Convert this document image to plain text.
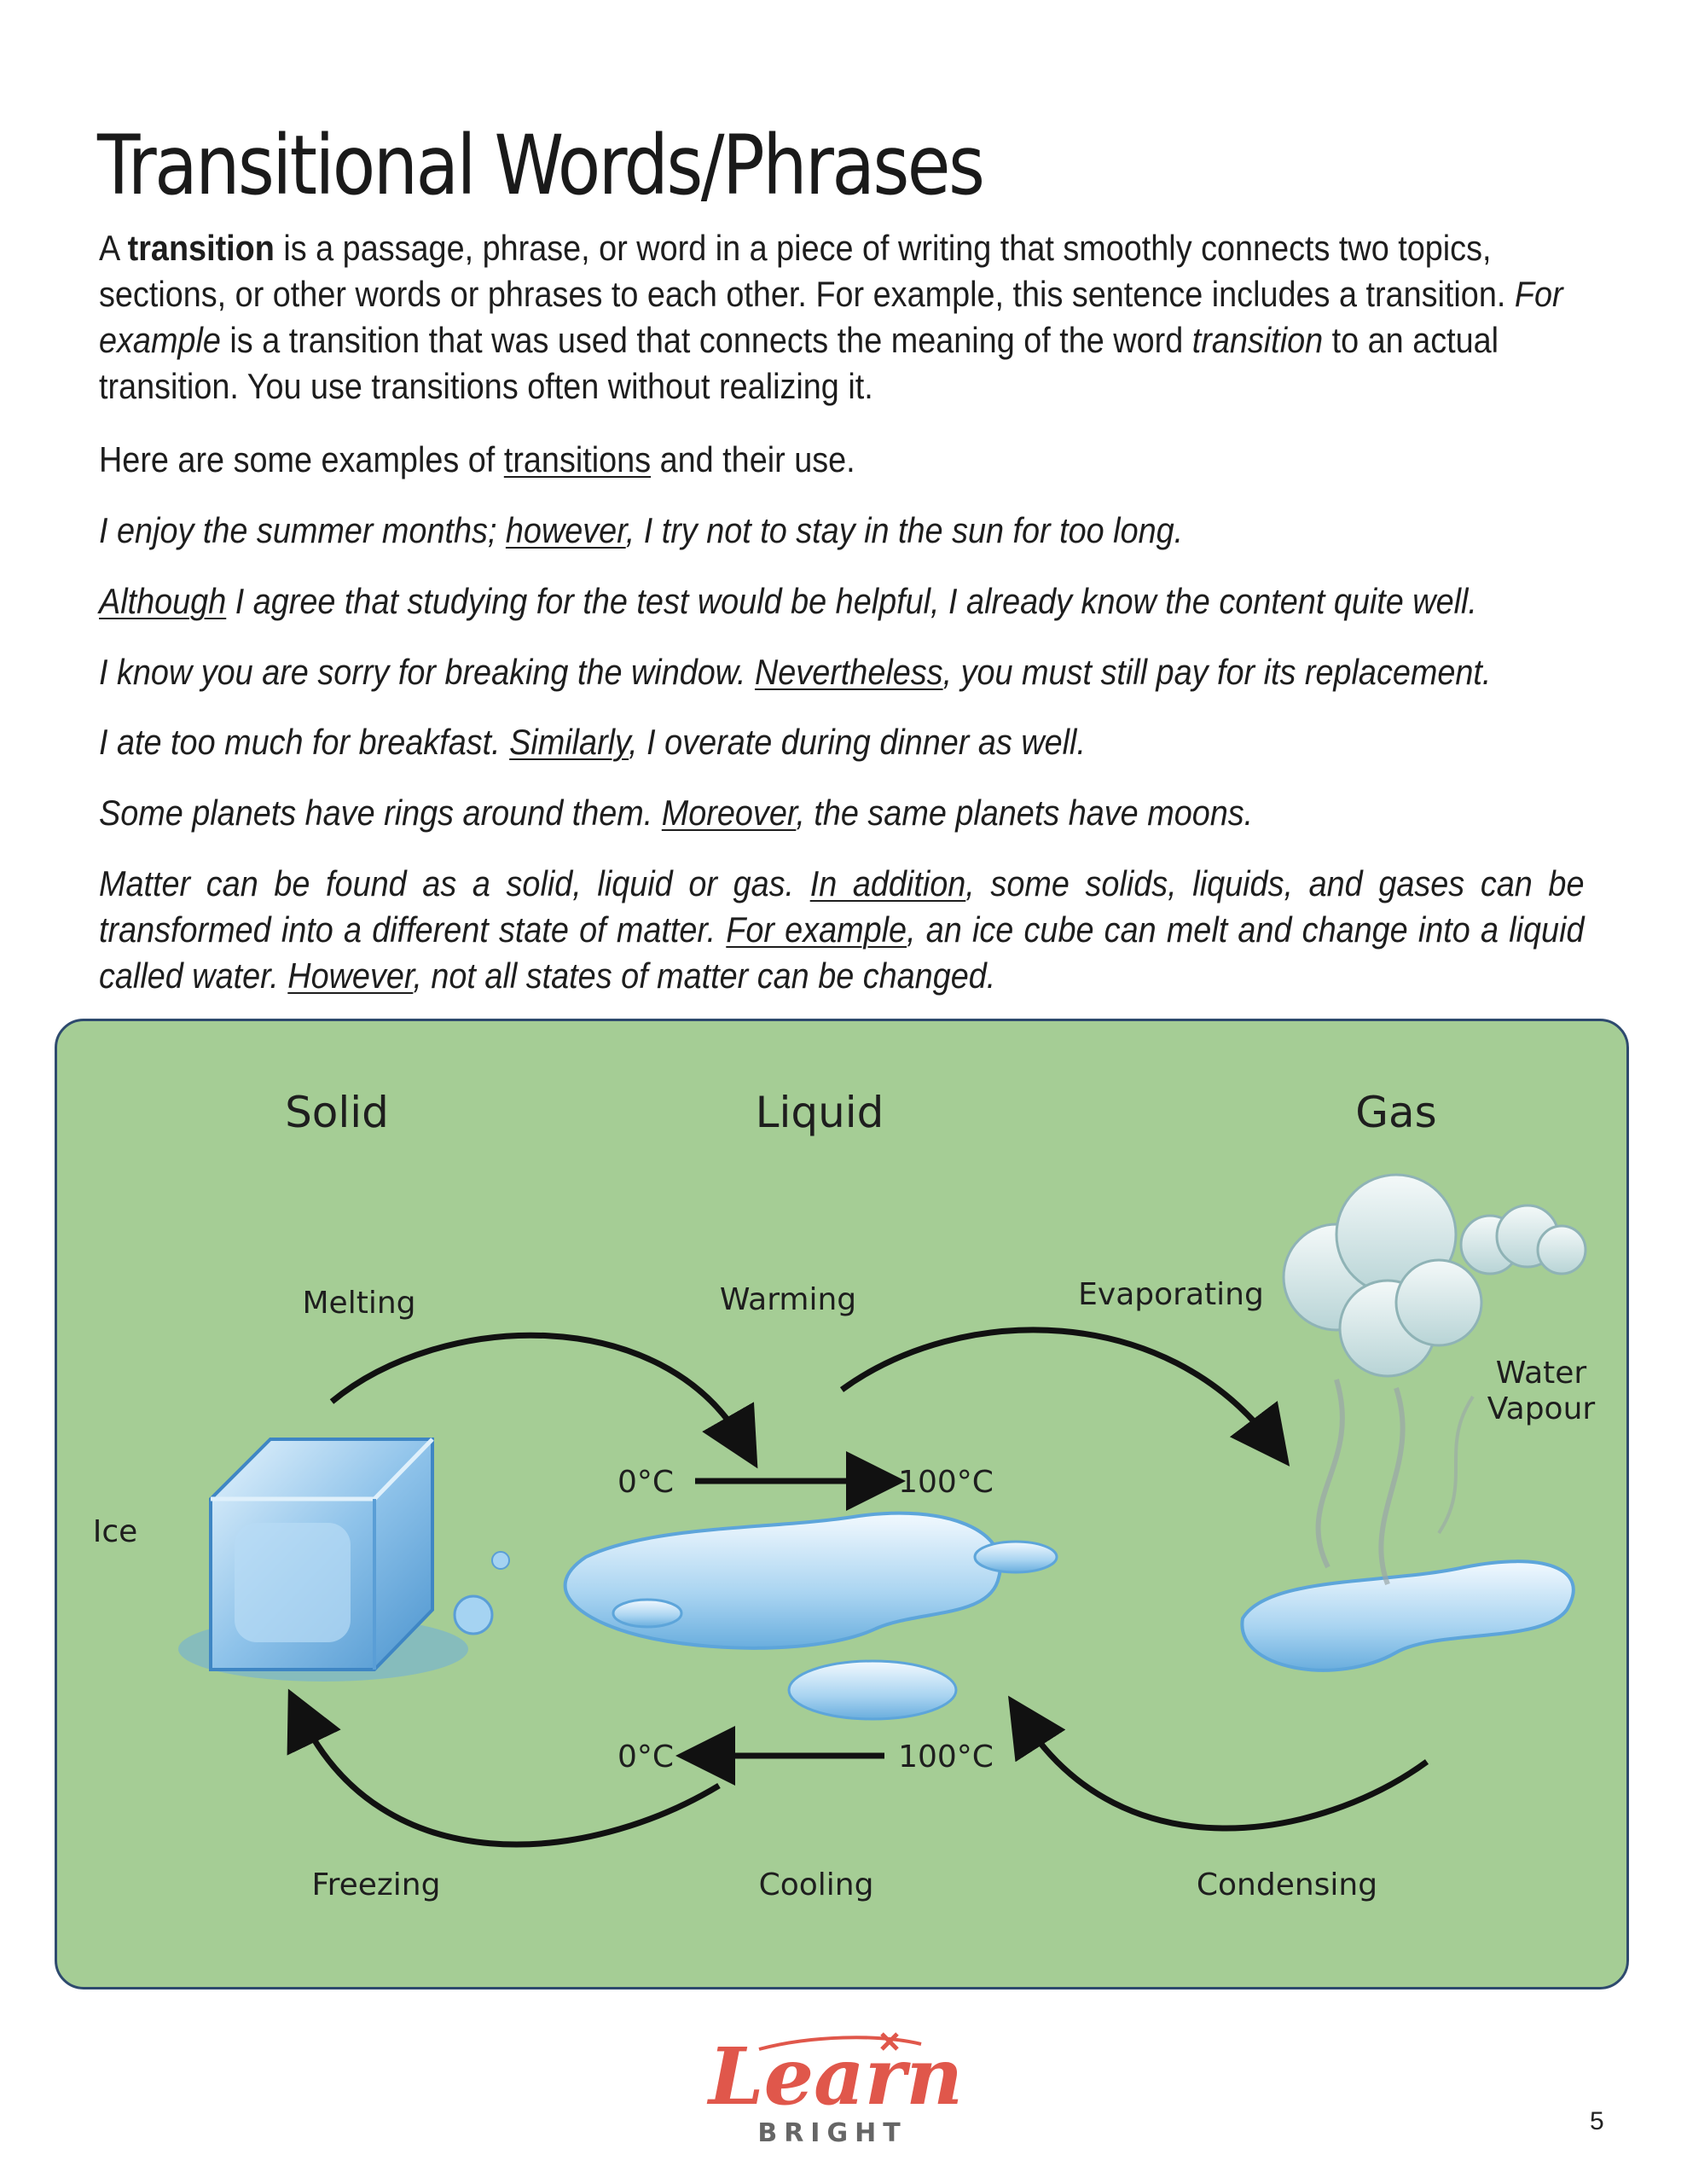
Transitional Words/Phrases

A transition is a passage, phrase, or word in a piece of writing that smoothly connects two topics, sections, or other words or phrases to each other. For example, this sentence includes a transition. For example is a transition that was used that connects the meaning of the word transition to an actual transition. You use transitions often without realizing it.

Here are some examples of transitions and their use.

I enjoy the summer months; however, I try not to stay in the sun for too long.

Although I agree that studying for the test would be helpful, I already know the content quite well.

I know you are sorry for breaking the window. Nevertheless, you must still pay for its replacement.

I ate too much for breakfast. Similarly, I overate during dinner as well.

Some planets have rings around them. Moreover, the same planets have moons.

Matter can be found as a solid, liquid or gas. In addition, some solids, liquids, and gases can be transformed into a different state of matter. For example, an ice cube can melt and change into a liquid called water. However, not all states of matter can be changed.

Solid	Liquid	Gas
Melting	Warming	Evaporating
Freezing	Cooling	Condensing
Ice
Water
Vapour
0°C	100°C
0°C	100°C
Learn
BRIGHT	5
